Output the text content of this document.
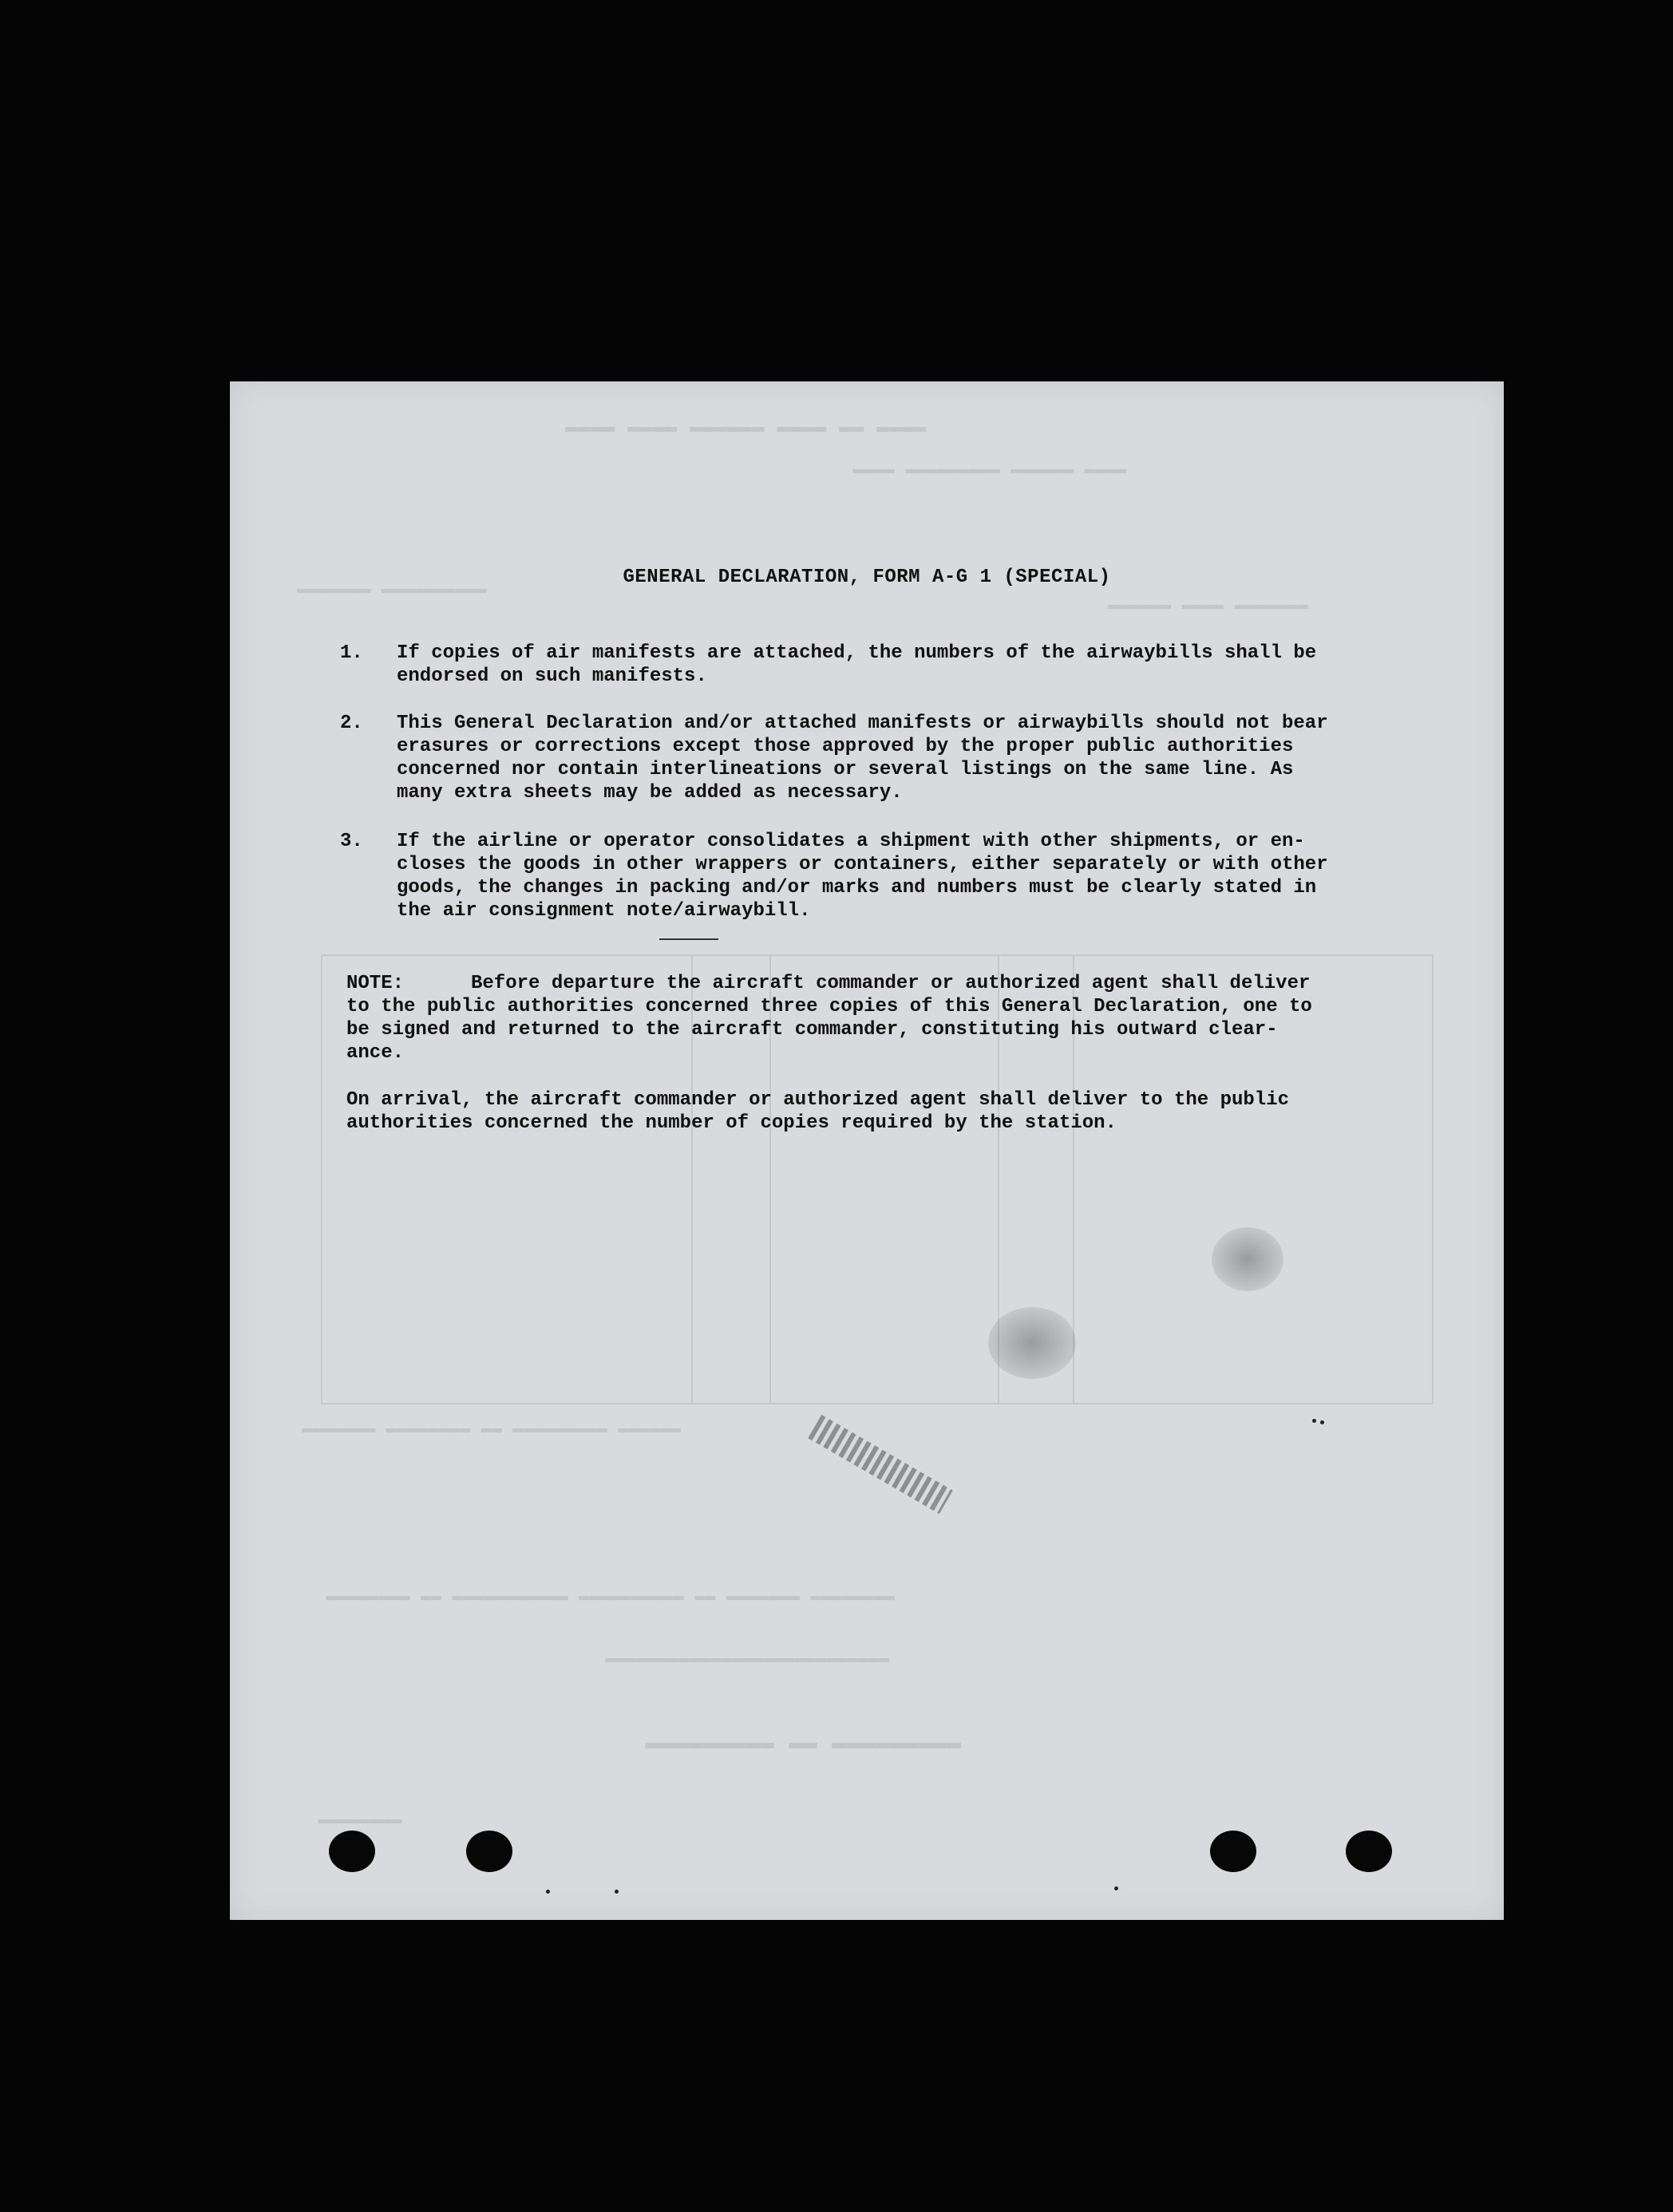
▬▬▬▬ ▬▬ ▬▬▬▬ ▬▬▬▬▬▬ ▬▬▬▬ ▬▬▬▬
▬▬▬▬ ▬▬▬▬▬▬ ▬▬▬▬▬▬▬▬▬ ▬▬▬▬
▬▬▬▬▬▬▬▬▬▬ ▬▬▬▬▬▬▬
▬▬▬▬▬▬▬ ▬▬▬▬ ▬▬▬▬▬▬
▬▬▬▬▬▬ ▬▬▬▬▬▬▬▬▬ ▬▬ ▬▬▬▬▬▬▬▬ ▬▬▬▬▬▬▬
▬▬▬▬▬▬▬▬ ▬▬▬▬▬▬▬ ▬▬ ▬▬▬▬▬▬▬▬▬▬ ▬▬▬▬▬▬▬▬▬▬▬ ▬▬ ▬▬▬▬▬▬▬▬
▬▬▬▬▬▬▬▬▬▬▬▬▬▬▬▬▬▬▬▬▬▬▬▬▬▬▬
▬▬▬▬▬▬▬▬▬ ▬▬ ▬▬▬▬▬▬▬▬▬
▬▬▬▬▬▬▬▬
GENERAL DECLARATION, FORM A-G 1 (SPECIAL)
1. If copies of air manifests are attached, the numbers of the airwaybills shall be
endorsed on such manifests.
2. This General Declaration and/or attached manifests or airwaybills should not bear
erasures or corrections except those approved by the proper public authorities
concerned nor contain interlineations or several listings on the same line. As
many extra sheets may be added as necessary.
3. If the airline or operator consolidates a shipment with other shipments, or en-
closes the goods in other wrappers or containers, either separately or with other
goods, the changes in packing and/or marks and numbers must be clearly stated in
the air consignment note/airwaybill.
NOTE:	Before departure the aircraft commander or authorized agent shall deliver
to the public authorities concerned three copies of this General Declaration, one to
be signed and returned to the aircraft commander, constituting his outward clear-
ance.
On arrival, the aircraft commander or authorized agent shall deliver to the public
authorities concerned the number of copies required by the station.
